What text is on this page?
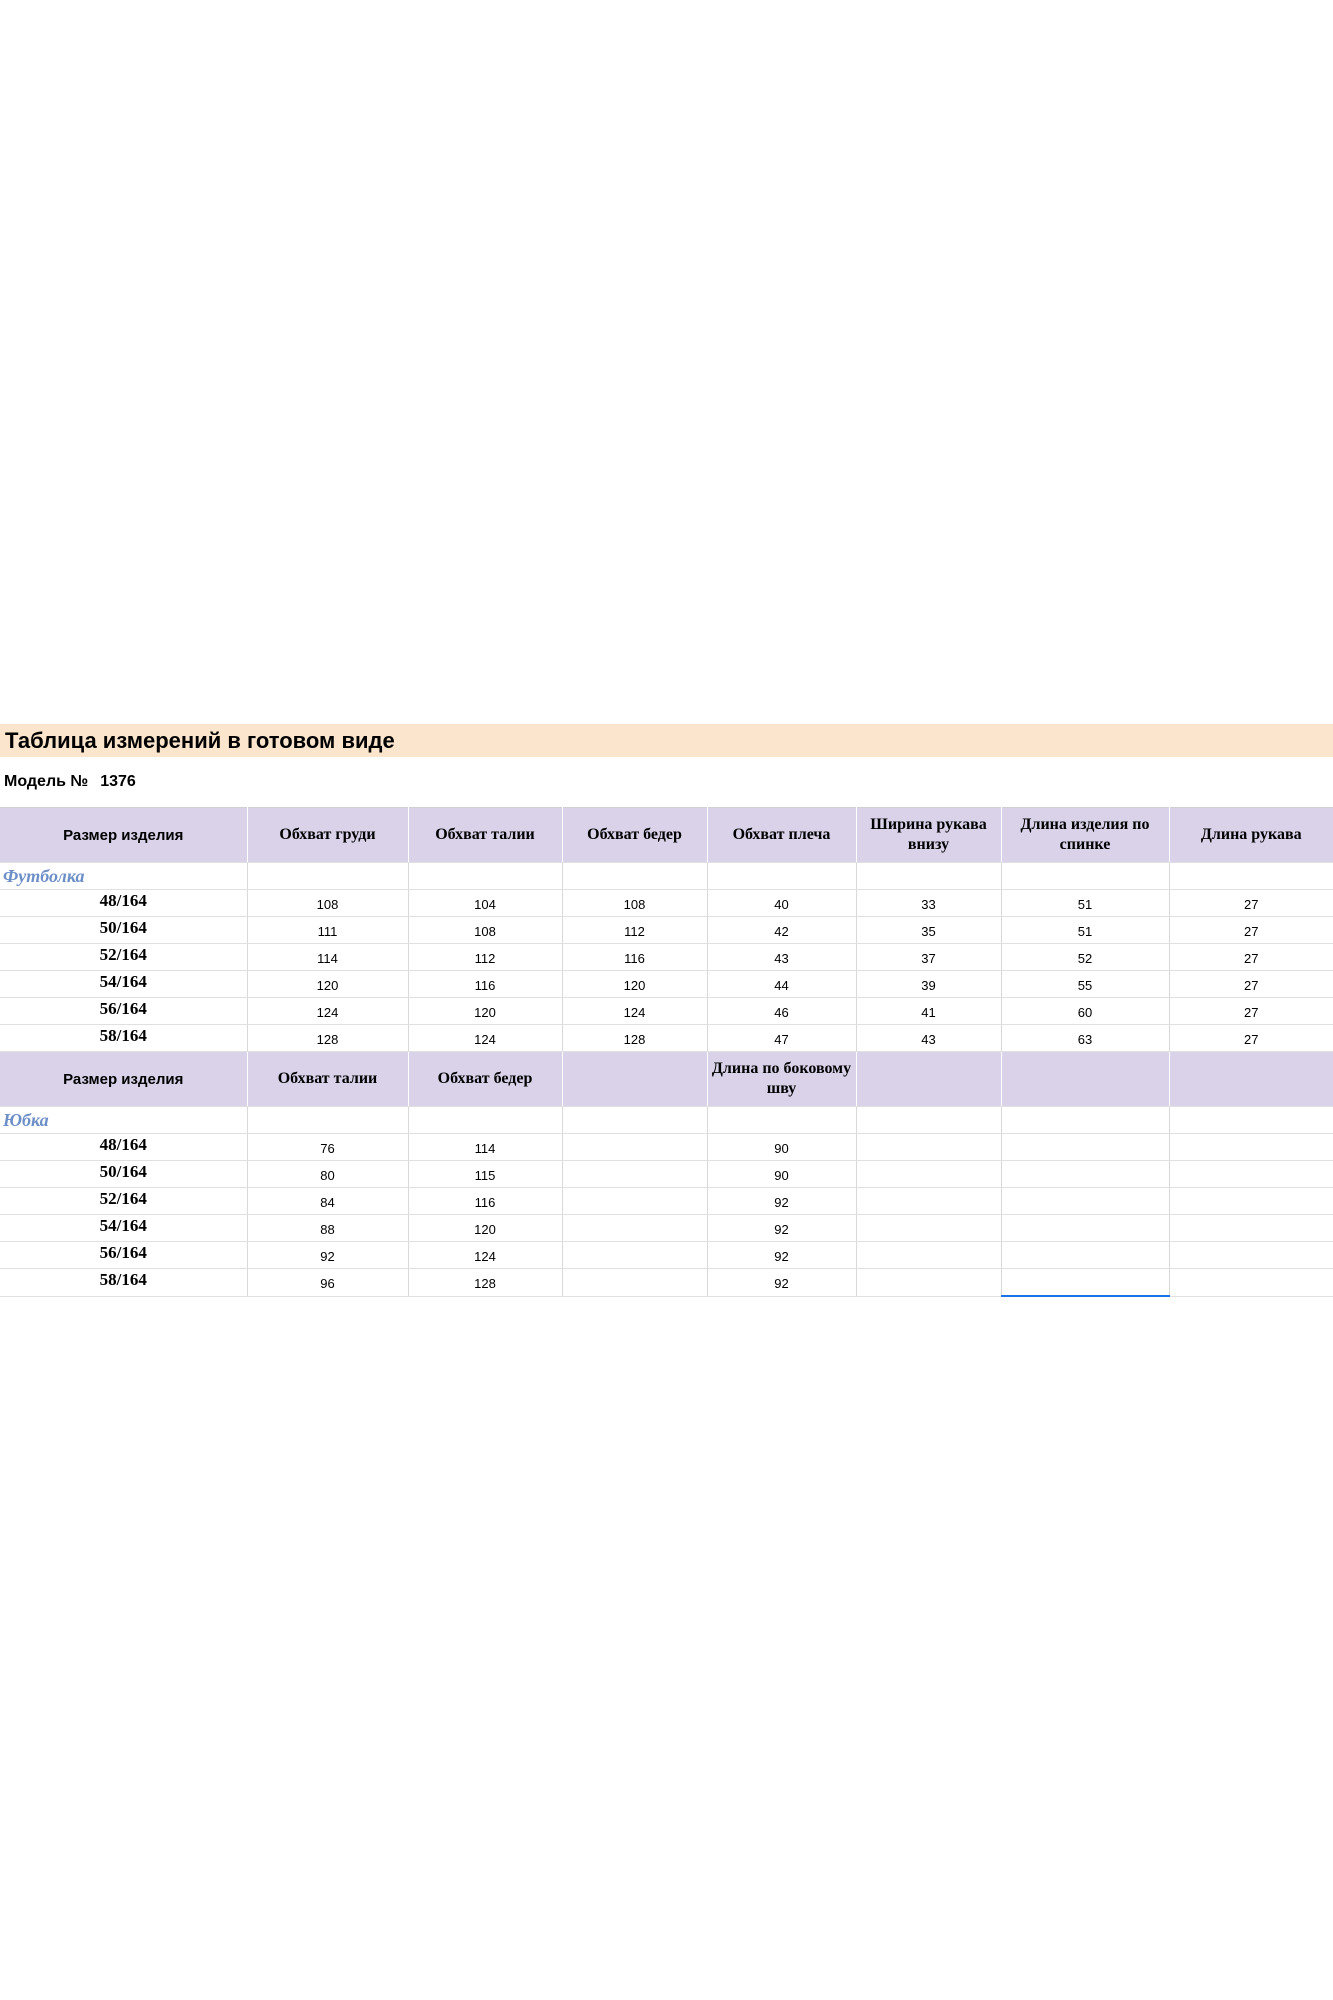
Таблица измерений в готовом виде
Модель № 1376
Размер изделия	Обхват груди	Обхват талии	Обхват бедер	Обхват плеча	Ширина рукава внизу	Длина изделия по спинке	Длина рукава
Футболка							
48/164	108	104	108	40	33	51	27
50/164	111	108	112	42	35	51	27
52/164	114	112	116	43	37	52	27
54/164	120	116	120	44	39	55	27
56/164	124	120	124	46	41	60	27
58/164	128	124	128	47	43	63	27
Размер изделия	Обхват талии	Обхват бедер		Длина по боковому шву			
Юбка							
48/164	76	114		90			
50/164	80	115		90			
52/164	84	116		92			
54/164	88	120		92			
56/164	92	124		92			
58/164	96	128		92			
